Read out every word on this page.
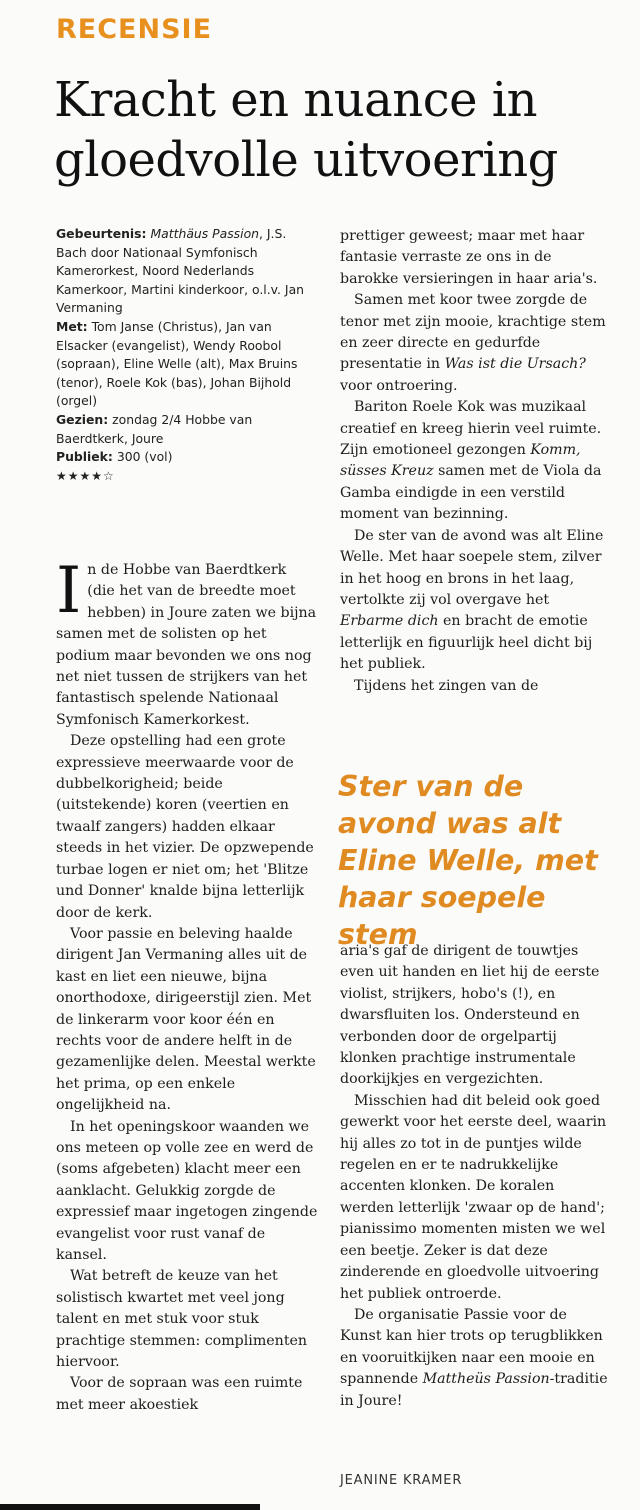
RECENSIE
Kracht en nuance in gloedvolle uitvoering

Gebeurtenis: Matthäus Passion, J.S. Bach door Nationaal Symfonisch Kamerorkest, Noord Nederlands Kamerkoor, Martini kinderkoor, o.l.v. Jan Vermaning

Met: Tom Janse (Christus), Jan van Elsacker (evangelist), Wendy Roobol (sopraan), Eline Welle (alt), Max Bruins (tenor), Roele Kok (bas), Johan Bijhold (orgel)

Gezien: zondag 2/4 Hobbe van Baerdtkerk, Joure

Publiek: 300 (vol)

★★★★☆

In de Hobbe van Baerdtkerk (die het van de breedte moet hebben) in Joure zaten we bijna samen met de solisten op het podium maar bevonden we ons nog net niet tussen de strijkers van het fantastisch spelende Nationaal Symfonisch Kamerkorkest.

Deze opstelling had een grote expressieve meerwaarde voor de dubbelkorigheid; beide (uitstekende) koren (veertien en twaalf zangers) hadden elkaar steeds in het vizier. De opzwepende turbae logen er niet om; het 'Blitze und Donner' knalde bijna letterlijk door de kerk.

Voor passie en beleving haalde dirigent Jan Vermaning alles uit de kast en liet een nieuwe, bijna onorthodoxe, dirigeerstijl zien. Met de linkerarm voor koor één en rechts voor de andere helft in de gezamenlijke delen. Meestal werkte het prima, op een enkele ongelijkheid na.

In het openingskoor waanden we ons meteen op volle zee en werd de (soms afgebeten) klacht meer een aanklacht. Gelukkig zorgde de expressief maar ingetogen zingende evangelist voor rust vanaf de kansel.

Wat betreft de keuze van het solistisch kwartet met veel jong talent en met stuk voor stuk prachtige stemmen: complimenten hiervoor.

Voor de sopraan was een ruimte met meer akoestiek

prettiger geweest; maar met haar fantasie verraste ze ons in de barokke versieringen in haar aria's.

Samen met koor twee zorgde de tenor met zijn mooie, krachtige stem en zeer directe en gedurfde presentatie in Was ist die Ursach? voor ontroering.

Bariton Roele Kok was muzikaal creatief en kreeg hierin veel ruimte. Zijn emotioneel gezongen Komm, süsses Kreuz samen met de Viola da Gamba eindigde in een verstild moment van bezinning.

De ster van de avond was alt Eline Welle. Met haar soepele stem, zilver in het hoog en brons in het laag, vertolkte zij vol overgave het Erbarme dich en bracht de emotie letterlijk en figuurlijk heel dicht bij het publiek.

Tijdens het zingen van de

Ster van de avond was alt Eline Welle, met haar soepele stem

aria's gaf de dirigent de touwtjes even uit handen en liet hij de eerste violist, strijkers, hobo's (!), en dwarsfluiten los. Ondersteund en verbonden door de orgelpartij klonken prachtige instrumentale doorkijkjes en vergezichten.

Misschien had dit beleid ook goed gewerkt voor het eerste deel, waarin hij alles zo tot in de puntjes wilde regelen en er te nadrukkelijke accenten klonken. De koralen werden letterlijk 'zwaar op de hand'; pianissimo momenten misten we wel een beetje. Zeker is dat deze zinderende en gloedvolle uitvoering het publiek ontroerde.

De organisatie Passie voor de Kunst kan hier trots op terugblikken en vooruitkijken naar een mooie en spannende Mattheüs Passion-traditie in Joure!

JEANINE KRAMER
